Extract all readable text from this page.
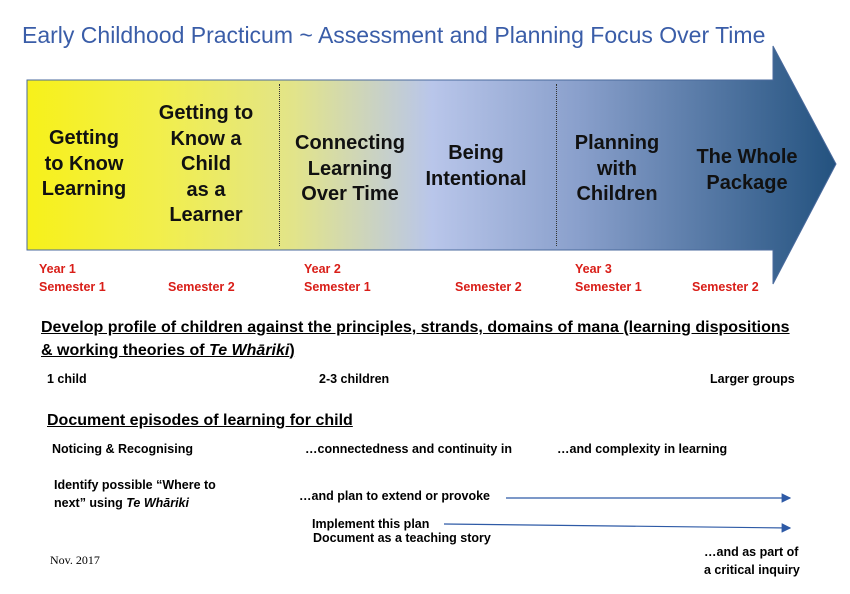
Early Childhood Practicum ~ Assessment and Planning Focus Over Time
Getting
to Know
Learning
Getting to
Know a
Child
as a
Learner
Connecting
Learning
Over Time
Being
Intentional
Planning
with
Children
The Whole
Package
Year 1
Semester 1	Semester 2
Year 2
Semester 1	Semester 2
Year 3
Semester 1	Semester 2
Develop profile of children against the principles, strands, domains of mana (learning dispositions
& working theories of Te Whāriki)
1 child	2-3 children	Larger groups
Document episodes of learning for child
Noticing & Recognising	…connectedness and continuity in	…and complexity in learning
Identify possible “Where to
next” using Te Whāriki	…and plan to extend or provoke
Implement this plan
Document as a teaching story
…and as part of
a critical inquiry
Nov. 2017
